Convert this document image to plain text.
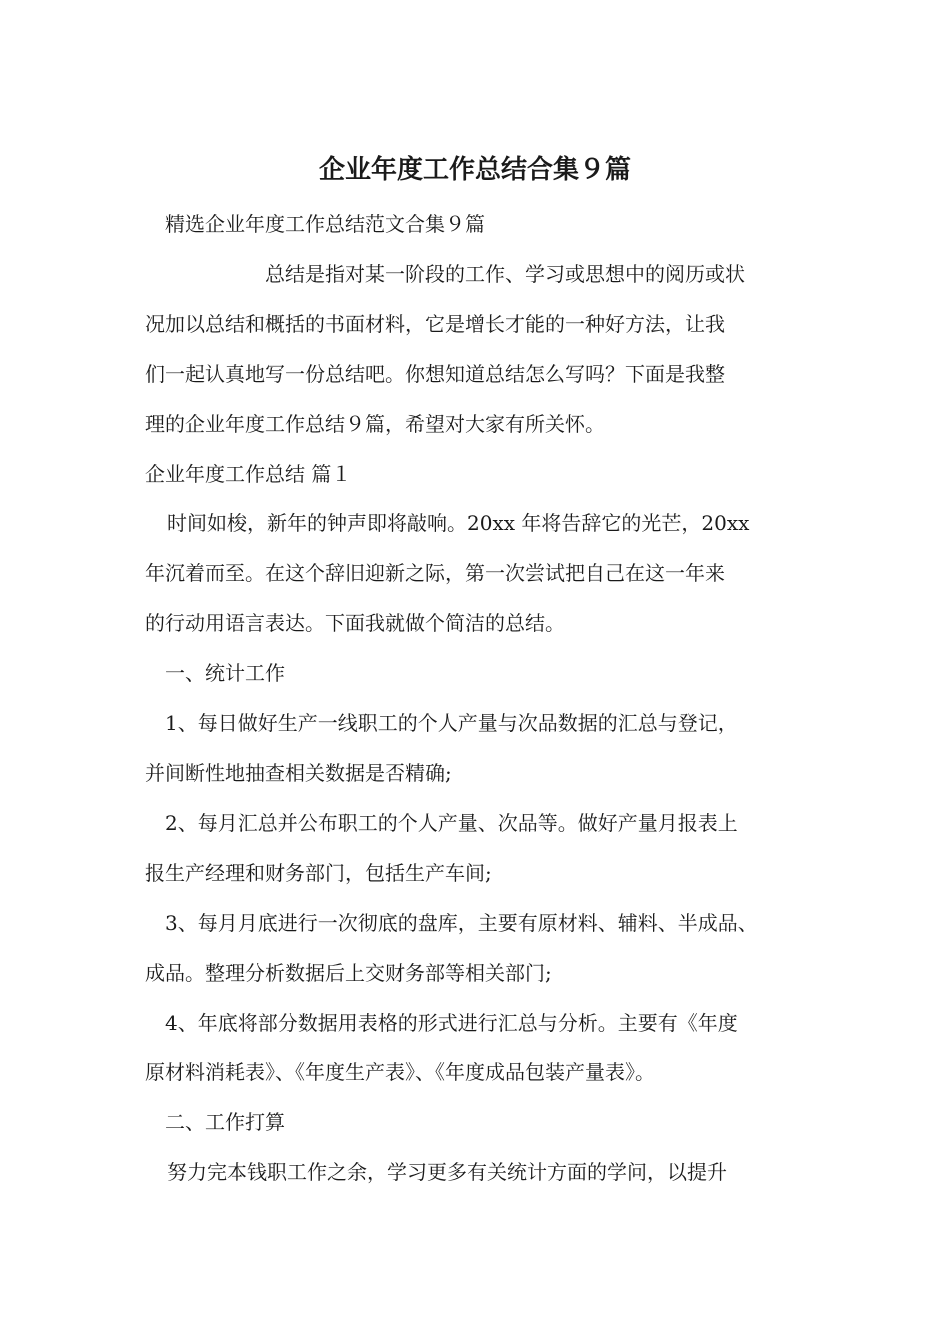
企业年度工作总结合集９篇

精选企业年度工作总结范文合集９篇

总结是指对某一阶段的工作、学习或思想中的阅历或状

况加以总结和概括的书面材料，它是增长才能的一种好方法，让我

们一起认真地写一份总结吧。你想知道总结怎么写吗？下面是我整

理的企业年度工作总结９篇，希望对大家有所关怀。

企业年度工作总结 篇１

时间如梭，新年的钟声即将敲响。20xx 年将告辞它的光芒，20xx

年沉着而至。在这个辞旧迎新之际，第一次尝试把自己在这一年来

的行动用语言表达。下面我就做个简洁的总结。

一、统计工作

1、每日做好生产一线职工的个人产量与次品数据的汇总与登记，

并间断性地抽查相关数据是否精确;

2、每月汇总并公布职工的个人产量、次品等。做好产量月报表上

报生产经理和财务部门，包括生产车间;

3、每月月底进行一次彻底的盘库，主要有原材料、辅料、半成品、

成品。整理分析数据后上交财务部等相关部门;

4、年底将部分数据用表格的形式进行汇总与分析。主要有《年度

原材料消耗表》、《年度生产表》、《年度成品包装产量表》。

二、工作打算

努力完本钱职工作之余，学习更多有关统计方面的学问，以提升
